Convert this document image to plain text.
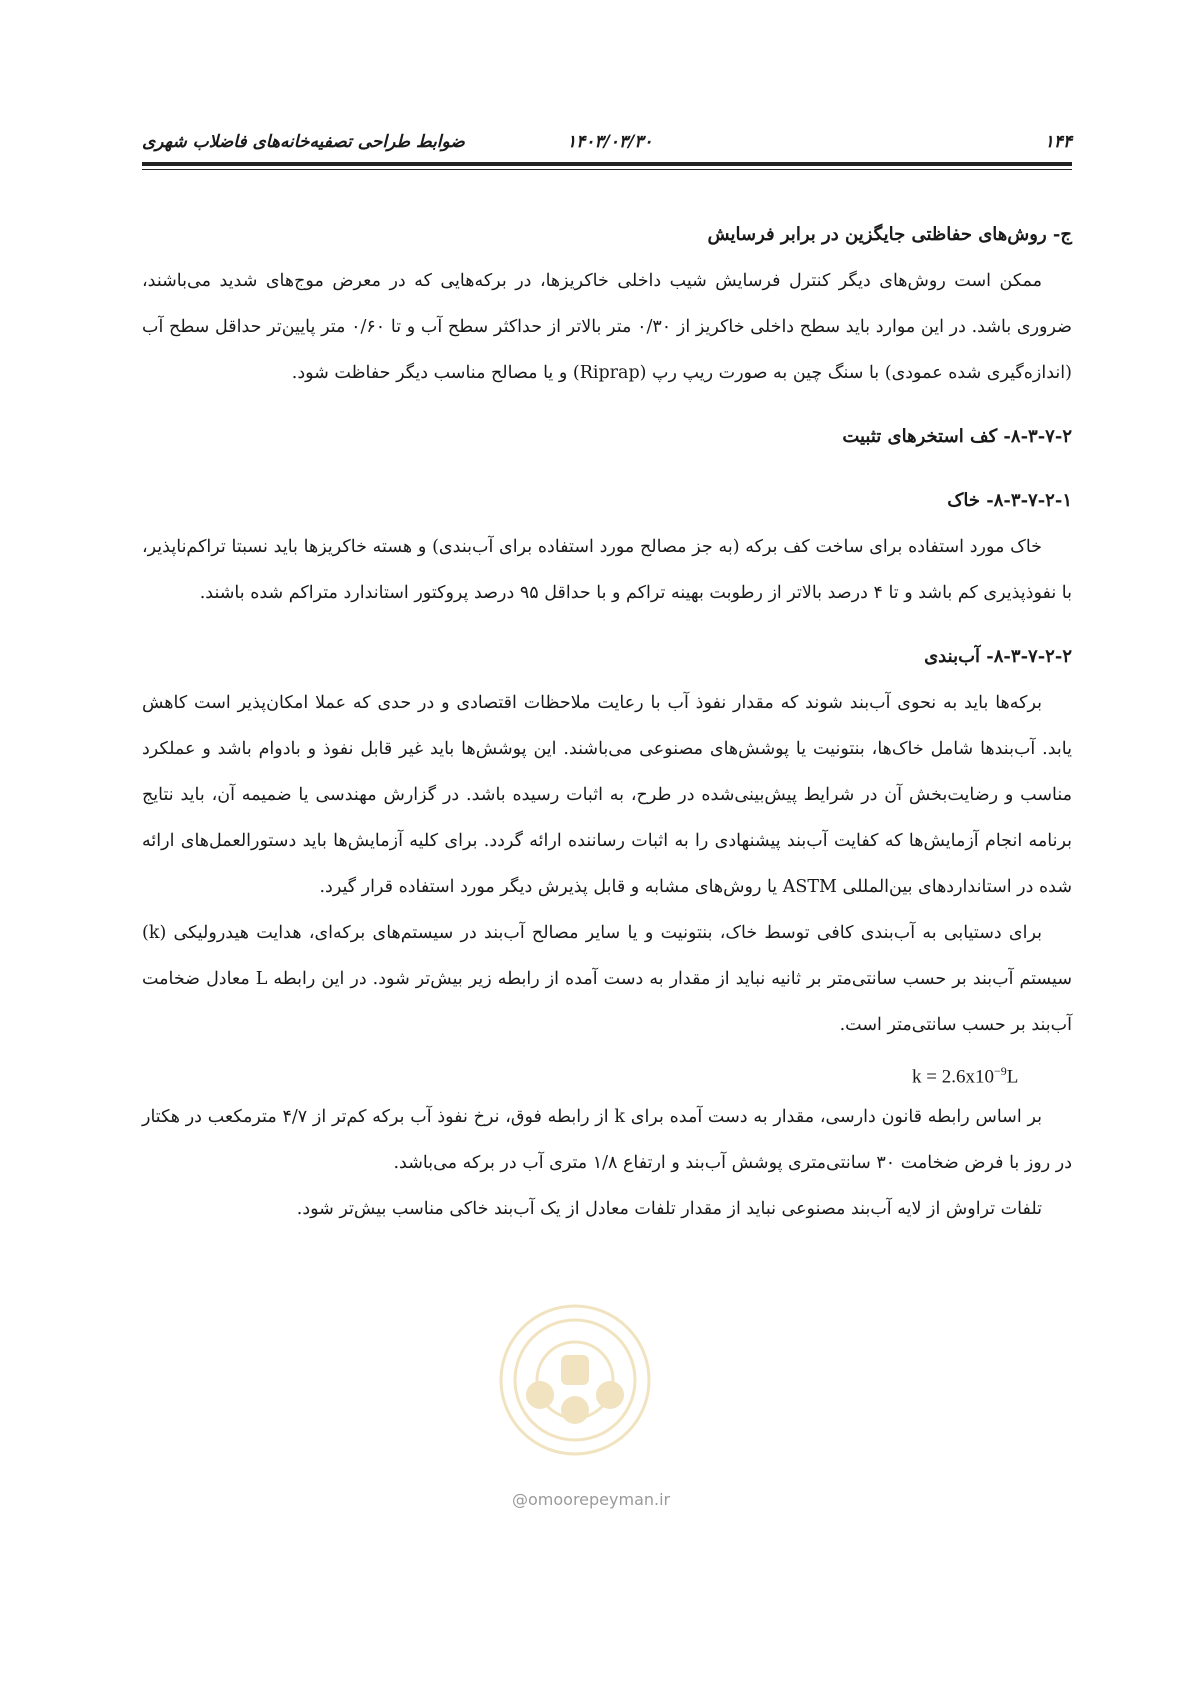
ضوابط طراحی تصفیه‌خانه‌های فاضلاب شهری	۱۴۰۳/۰۳/۳۰	۱۴۴

ج- روش‌های حفاظتی جایگزین در برابر فرسایش

ممکن است روش‌های دیگر کنترل فرسایش شیب داخلی خاکریزها، در برکه‌هایی که در معرض موج‌های شدید می‌باشند، ضروری باشد. در این موارد باید سطح داخلی خاکریز از ۰/۳۰ متر بالاتر از حداکثر سطح آب و تا ۰/۶۰ متر پایین‌تر حداقل سطح آب (اندازه‌گیری شده عمودی) با سنگ چین به صورت ریپ رپ (Riprap) و یا مصالح مناسب دیگر حفاظت شود.

۸-۳-۷-۲- کف استخرهای تثبیت

۸-۳-۷-۲-۱- خاک

خاک مورد استفاده برای ساخت کف برکه (به جز مصالح مورد استفاده برای آب‌بندی) و هسته خاکریزها باید نسبتا تراکم‌ناپذیر، با نفوذپذیری کم باشد و تا ۴ درصد بالاتر از رطوبت بهینه تراکم و با حداقل ۹۵ درصد پروکتور استاندارد متراکم شده باشند.

۸-۳-۷-۲-۲- آب‌بندی

برکه‌ها باید به نحوی آب‌بند شوند که مقدار نفوذ آب با رعایت ملاحظات اقتصادی و در حدی که عملا امکان‌پذیر است کاهش یابد. آب‌بندها شامل خاک‌ها، بنتونیت یا پوشش‌های مصنوعی می‌باشند. این پوشش‌ها باید غیر قابل نفوذ و بادوام باشد و عملکرد مناسب و رضایت‌بخش آن در شرایط پیش‌بینی‌شده در طرح، به اثبات رسیده باشد. در گزارش مهندسی یا ضمیمه آن، باید نتایج برنامه انجام آزمایش‌ها که کفایت آب‌بند پیشنهادی را به اثبات رساننده ارائه گردد. برای کلیه آزمایش‌ها باید دستورالعمل‌های ارائه شده در استانداردهای بین‌المللی ASTM یا روش‌های مشابه و قابل پذیرش دیگر مورد استفاده قرار گیرد.

برای دستیابی به آب‌بندی کافی توسط خاک، بنتونیت و یا سایر مصالح آب‌بند در سیستم‌های برکه‌ای، هدایت هیدرولیکی (k) سیستم آب‌بند بر حسب سانتی‌متر بر ثانیه نباید از مقدار به دست آمده از رابطه زیر بیش‌تر شود. در این رابطه L معادل ضخامت آب‌بند بر حسب سانتی‌متر است.

$k = 2.6x10^{-9}L$

بر اساس رابطه قانون دارسی، مقدار به دست آمده برای k از رابطه فوق، نرخ نفوذ آب برکه کم‌تر از ۴/۷ مترمکعب در هکتار در روز با فرض ضخامت ۳۰ سانتی‌متری پوشش آب‌بند و ارتفاع ۱/۸ متری آب در برکه می‌باشد.

تلفات تراوش از لایه آب‌بند مصنوعی نباید از مقدار تلفات معادل از یک آب‌بند خاکی مناسب بیش‌تر شود.

@omoorepeyman.ir
